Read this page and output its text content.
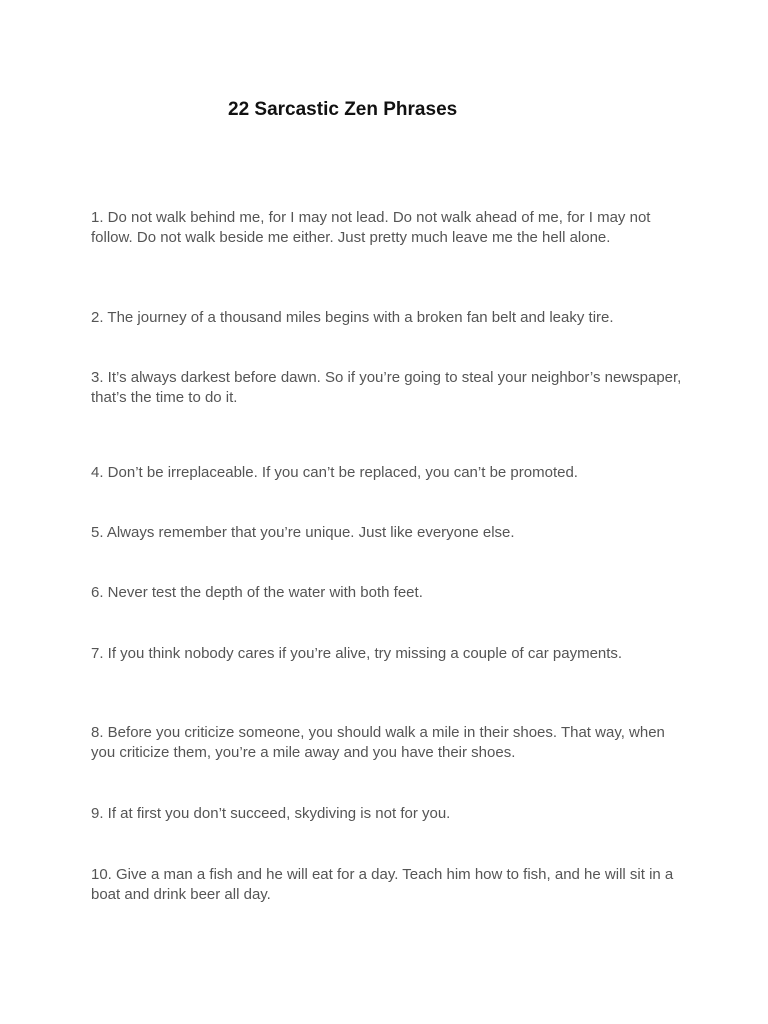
22 Sarcastic Zen Phrases

1. Do not walk behind me, for I may not lead. Do not walk ahead of me, for I may not follow. Do not walk beside me either. Just pretty much leave me the hell alone.

2. The journey of a thousand miles begins with a broken fan belt and leaky tire.

3. It’s always darkest before dawn. So if you’re going to steal your neighbor’s newspaper, that’s the time to do it.

4. Don’t be irreplaceable. If you can’t be replaced, you can’t be promoted.

5. Always remember that you’re unique. Just like everyone else.

6. Never test the depth of the water with both feet.

7. If you think nobody cares if you’re alive, try missing a couple of car payments.

8. Before you criticize someone, you should walk a mile in their shoes. That way, when you criticize them, you’re a mile away and you have their shoes.

9. If at first you don’t succeed, skydiving is not for you.

10. Give a man a fish and he will eat for a day. Teach him how to fish, and he will sit in a boat and drink beer all day.
